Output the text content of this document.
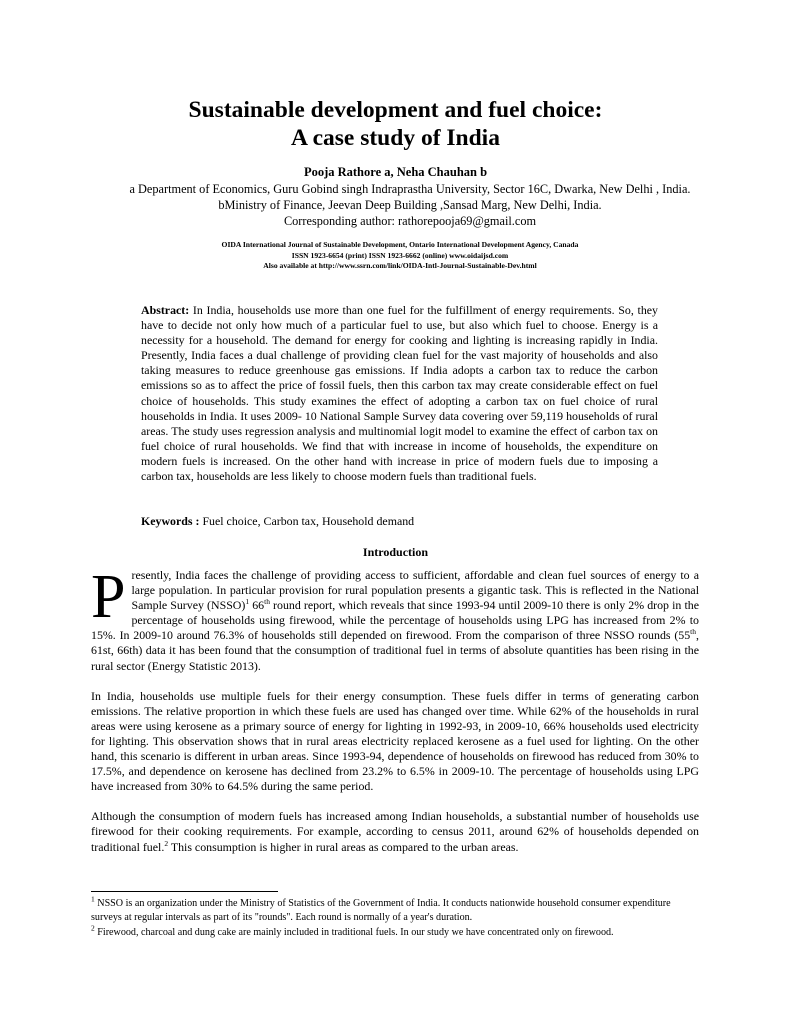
Sustainable development and fuel choice:
A case study of India
Pooja Rathore a, Neha Chauhan b
a Department of Economics, Guru Gobind singh Indraprastha University, Sector 16C, Dwarka, New Delhi , India.
bMinistry of Finance, Jeevan Deep Building ,Sansad Marg, New Delhi, India.
Corresponding author: rathorepooja69@gmail.com
OIDA International Journal of Sustainable Development, Ontario International Development Agency, Canada
ISSN 1923-6654 (print) ISSN 1923-6662 (online) www.oidaijsd.com
Also available at http://www.ssrn.com/link/OIDA-Intl-Journal-Sustainable-Dev.html
Abstract: In India, households use more than one fuel for the fulfillment of energy requirements. So, they have to decide not only how much of a particular fuel to use, but also which fuel to choose. Energy is a necessity for a household. The demand for energy for cooking and lighting is increasing rapidly in India. Presently, India faces a dual challenge of providing clean fuel for the vast majority of households and also taking measures to reduce greenhouse gas emissions. If India adopts a carbon tax to reduce the carbon emissions so as to affect the price of fossil fuels, then this carbon tax may create considerable effect on fuel choice of households. This study examines the effect of adopting a carbon tax on fuel choice of rural households in India. It uses 2009- 10 National Sample Survey data covering over 59,119 households of rural areas. The study uses regression analysis and multinomial logit model to examine the effect of carbon tax on fuel choice of rural households. We find that with increase in income of households, the expenditure on modern fuels is increased. On the other hand with increase in price of modern fuels due to imposing a carbon tax, households are less likely to choose modern fuels than traditional fuels.
Keywords : Fuel choice, Carbon tax, Household demand
Introduction

Presently, India faces the challenge of providing access to sufficient, affordable and clean fuel sources of energy to a large population. In particular provision for rural population presents a gigantic task. This is reflected in the National Sample Survey (NSSO)$^1$ 66th round report, which reveals that since 1993-94 until 2009-10 there is only 2% drop in the percentage of households using firewood, while the percentage of households using LPG has increased from 2% to 15%. In 2009-10 around 76.3% of households still depended on firewood. From the comparison of three NSSO rounds (55th, 61st, 66th) data it has been found that the consumption of traditional fuel in terms of absolute quantities has been rising in the rural sector (Energy Statistic 2013).

In India, households use multiple fuels for their energy consumption. These fuels differ in terms of generating carbon emissions. The relative proportion in which these fuels are used has changed over time. While 62% of the households in rural areas were using kerosene as a primary source of energy for lighting in 1992-93, in 2009-10, 66% households used electricity for lighting. This observation shows that in rural areas electricity replaced kerosene as a fuel used for lighting. On the other hand, this scenario is different in urban areas. Since 1993-94, dependence of households on firewood has reduced from 30% to 17.5%, and dependence on kerosene has declined from 23.2% to 6.5% in 2009-10. The percentage of households using LPG have increased from 30% to 64.5% during the same period.

Although the consumption of modern fuels has increased among Indian households, a substantial number of households use firewood for their cooking requirements. For example, according to census 2011, around 62% of households depended on traditional fuel.$^2$ This consumption is higher in rural areas as compared to the urban areas.

$^1$ NSSO is an organization under the Ministry of Statistics of the Government of India. It conducts nationwide household consumer expenditure surveys at regular intervals as part of its "rounds". Each round is normally of a year's duration.

$^2$ Firewood, charcoal and dung cake are mainly included in traditional fuels. In our study we have concentrated only on firewood.
